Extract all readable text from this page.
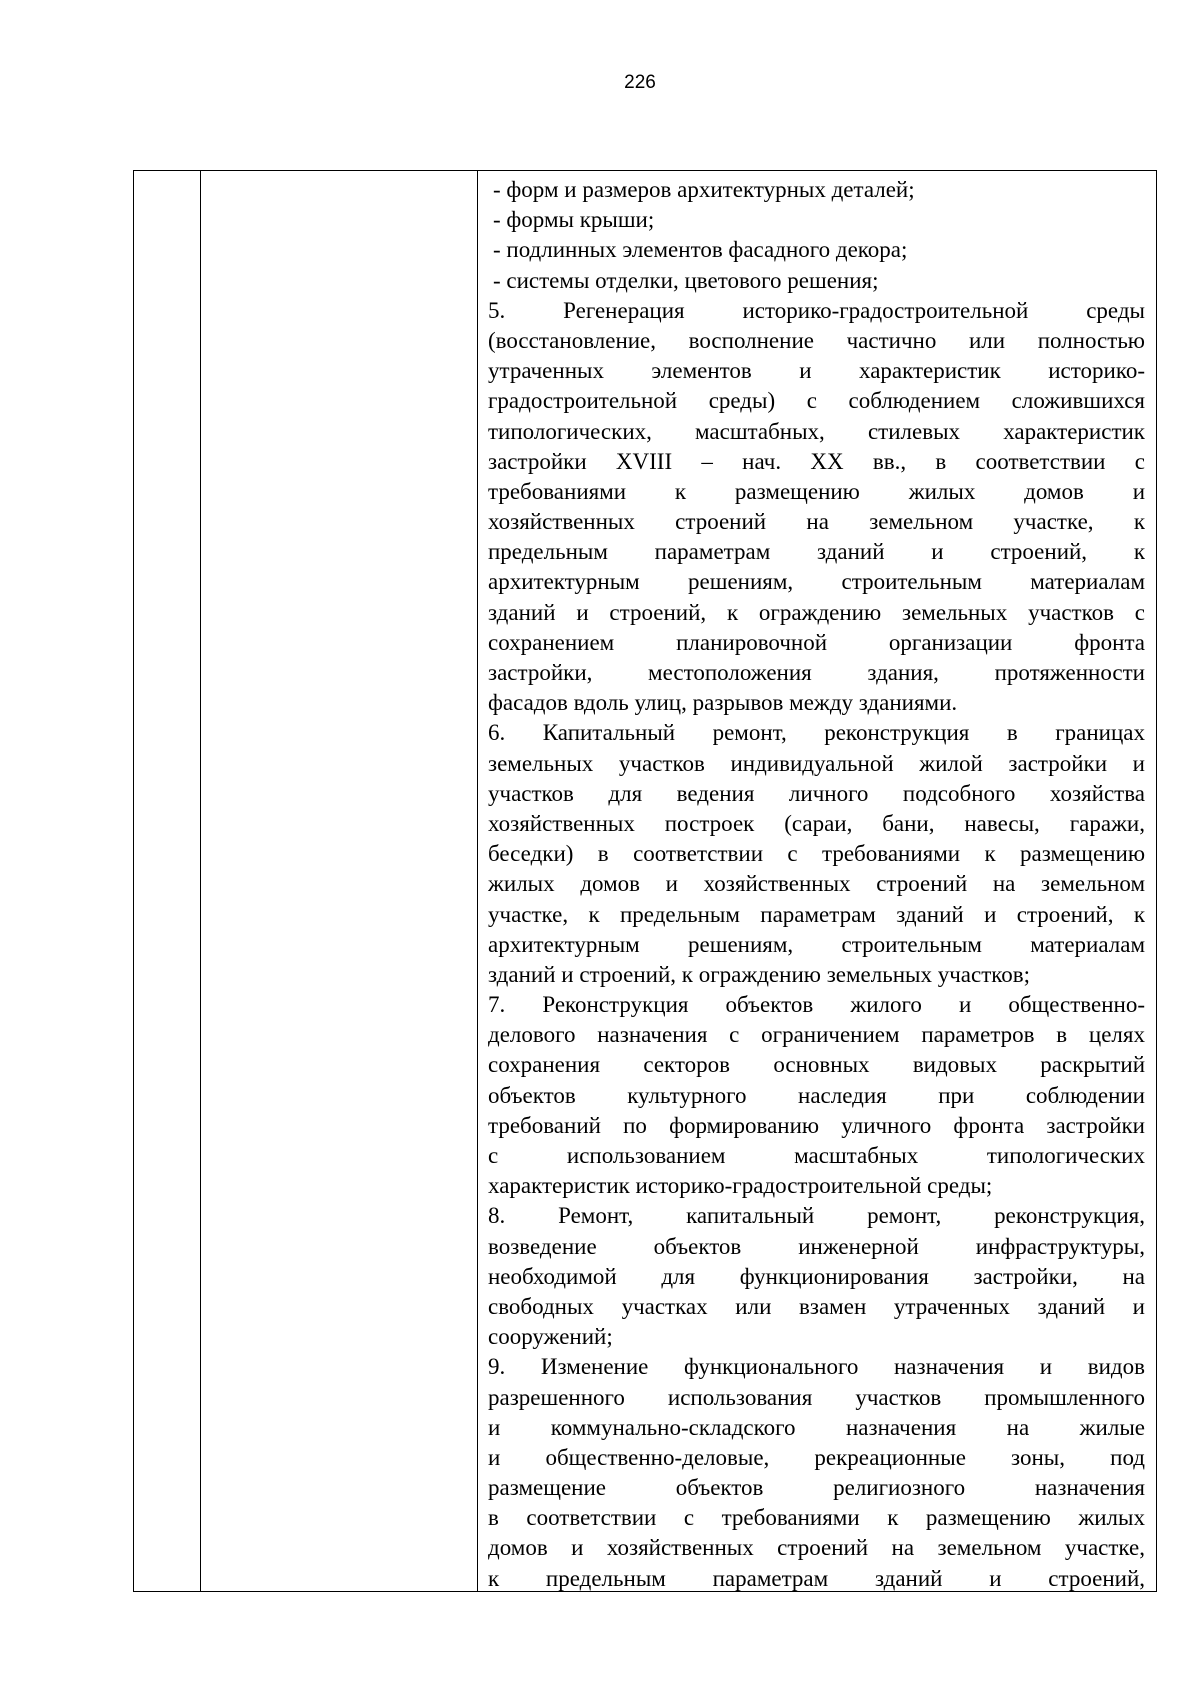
226
- форм и размеров архитектурных деталей;
- формы крыши;
- подлинных элементов фасадного декора;
- системы отделки, цветового решения;
5. Регенерация историко-градостроительной среды
(восстановление, восполнение частично или полностью
утраченных элементов и характеристик историко-
градостроительной среды) с соблюдением сложившихся
типологических, масштабных, стилевых характеристик
застройки XVIII – нач. XX вв., в соответствии с
требованиями к размещению жилых домов и
хозяйственных строений на земельном участке, к
предельным параметрам зданий и строений, к
архитектурным решениям, строительным материалам
зданий и строений, к ограждению земельных участков с
сохранением планировочной организации фронта
застройки, местоположения здания, протяженности
фасадов вдоль улиц, разрывов между зданиями.
6. Капитальный ремонт, реконструкция в границах
земельных участков индивидуальной жилой застройки и
участков для ведения личного подсобного хозяйства
хозяйственных построек (сараи, бани, навесы, гаражи,
беседки) в соответствии с требованиями к размещению
жилых домов и хозяйственных строений на земельном
участке, к предельным параметрам зданий и строений, к
архитектурным решениям, строительным материалам
зданий и строений, к ограждению земельных участков;
7. Реконструкция объектов жилого и общественно-
делового назначения с ограничением параметров в целях
сохранения секторов основных видовых раскрытий
объектов культурного наследия при соблюдении
требований по формированию уличного фронта застройки
с использованием масштабных типологических
характеристик историко-градостроительной среды;
8. Ремонт, капитальный ремонт, реконструкция,
возведение объектов инженерной инфраструктуры,
необходимой для функционирования застройки, на
свободных участках или взамен утраченных зданий и
сооружений;
9. Изменение функционального назначения и видов
разрешенного использования участков промышленного
и коммунально-складского назначения на жилые
и общественно-деловые, рекреационные зоны, под
размещение объектов религиозного назначения
в соответствии с требованиями к размещению жилых
домов и хозяйственных строений на земельном участке,
к предельным параметрам зданий и строений,
